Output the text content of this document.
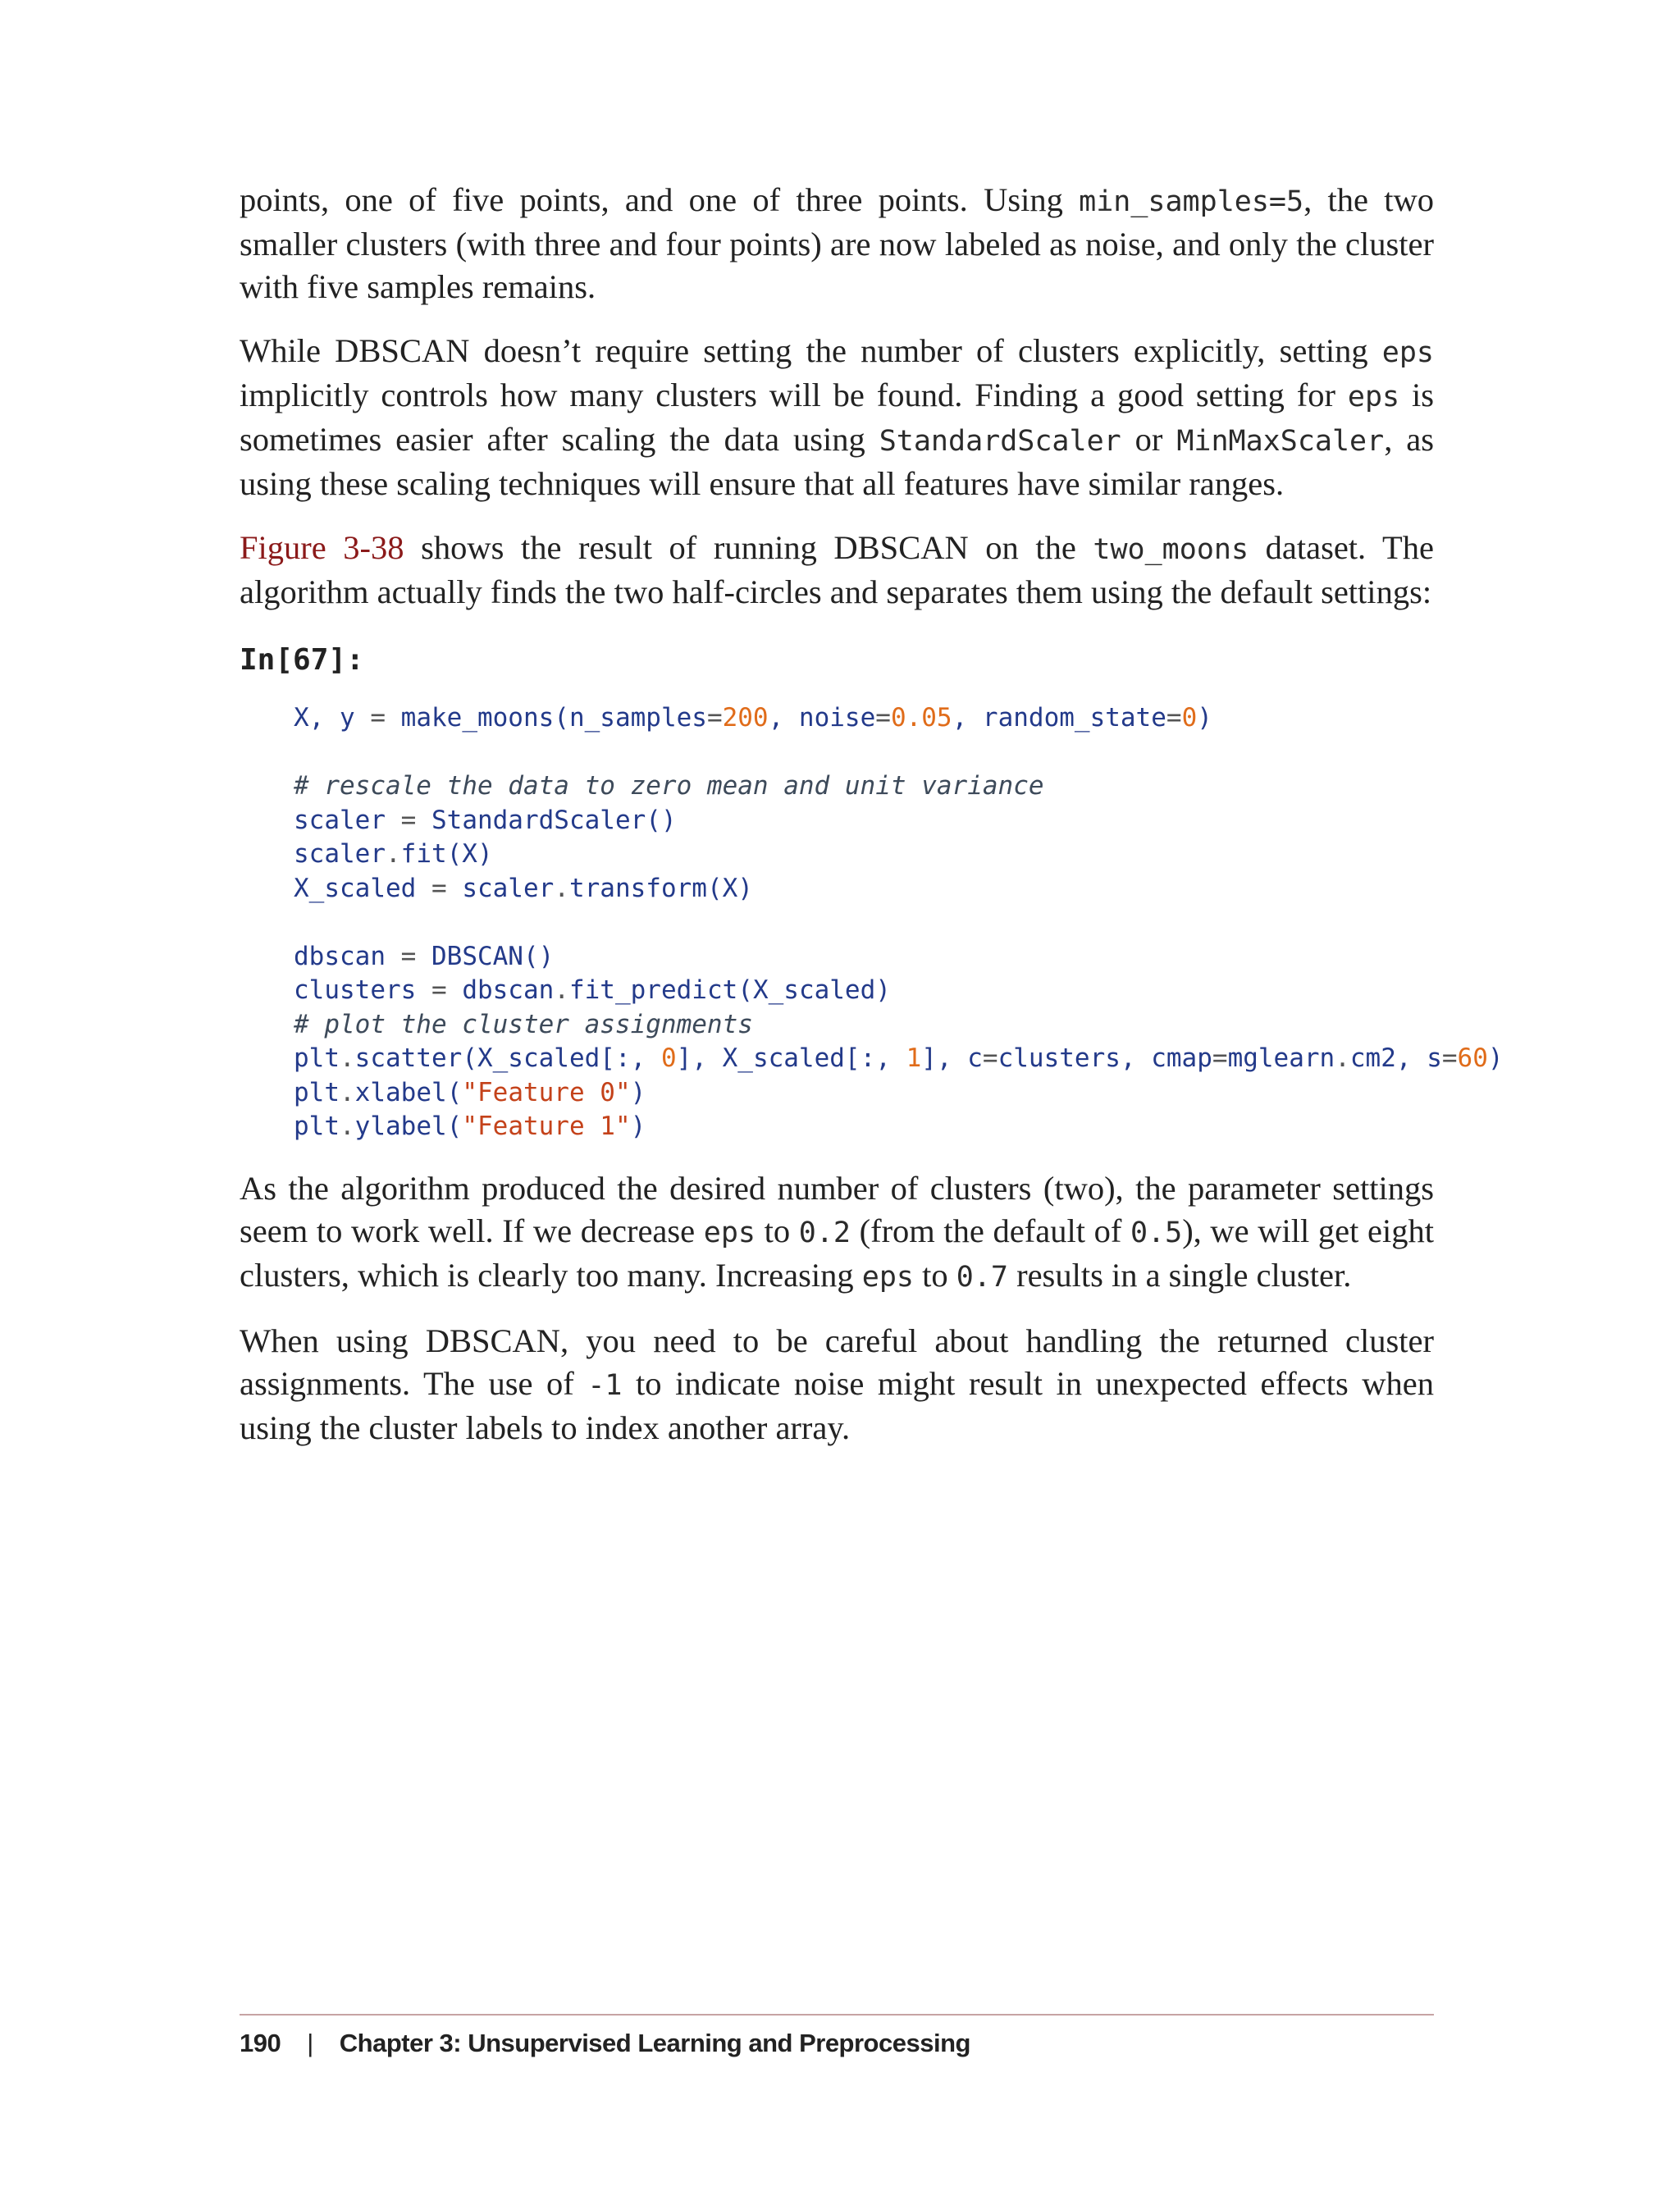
points, one of five points, and one of three points. Using min_samples=5, the two smaller clusters (with three and four points) are now labeled as noise, and only the cluster with five samples remains.

While DBSCAN doesn’t require setting the number of clusters explicitly, setting eps implicitly controls how many clusters will be found. Finding a good setting for eps is sometimes easier after scaling the data using StandardScaler or MinMaxScaler, as using these scaling techniques will ensure that all features have similar ranges.

Figure 3-38 shows the result of running DBSCAN on the two_moons dataset. The algorithm actually finds the two half-circles and separates them using the default settings:

In[67]:
X, y = make_moons(n_samples=200, noise=0.05, random_state=0)
# rescale the data to zero mean and unit variance
scaler = StandardScaler()
scaler.fit(X)
X_scaled = scaler.transform(X)
dbscan = DBSCAN()
clusters = dbscan.fit_predict(X_scaled)
# plot the cluster assignments
plt.scatter(X_scaled[:, 0], X_scaled[:, 1], c=clusters, cmap=mglearn.cm2, s=60)
plt.xlabel("Feature 0")
plt.ylabel("Feature 1")

As the algorithm produced the desired number of clusters (two), the parameter settings seem to work well. If we decrease eps to 0.2 (from the default of 0.5), we will get eight clusters, which is clearly too many. Increasing eps to 0.7 results in a single cluster.

When using DBSCAN, you need to be careful about handling the returned cluster assignments. The use of -1 to indicate noise might result in unexpected effects when using the cluster labels to index another array.

190 | Chapter 3: Unsupervised Learning and Preprocessing
